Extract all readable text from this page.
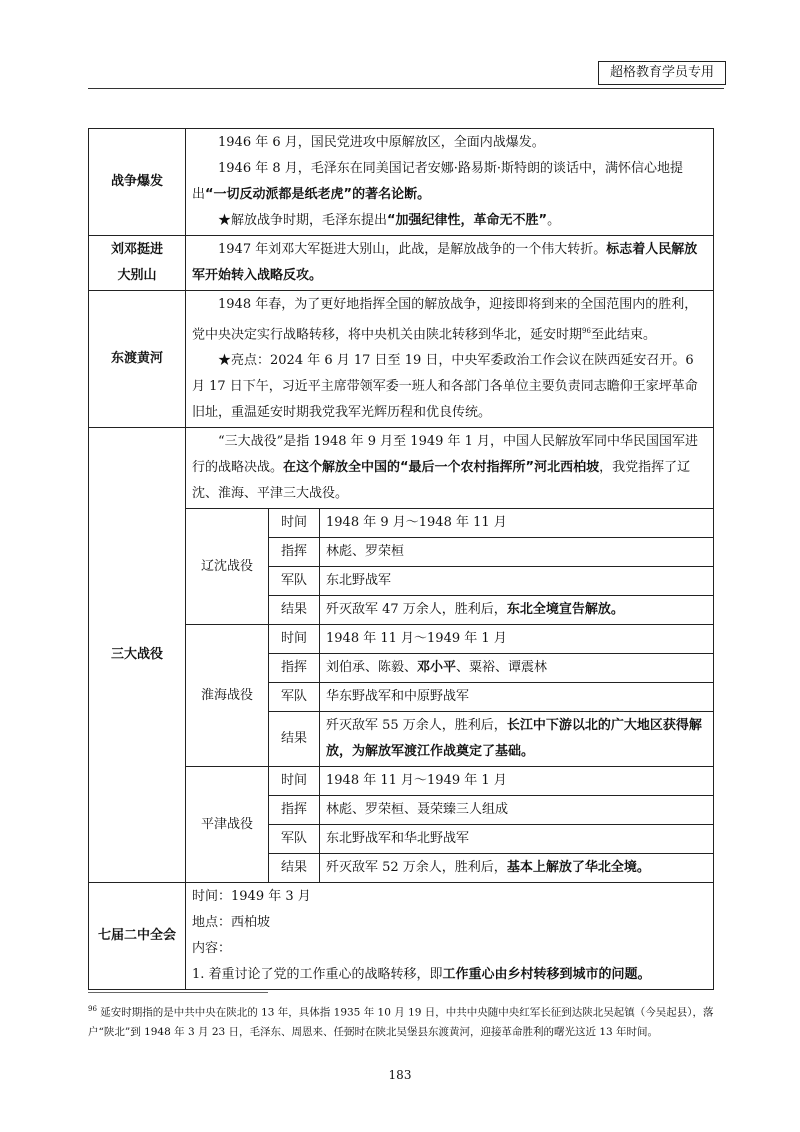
超格教育学员专用
战争爆发	

1946 年 6 月，国民党进攻中原解放区，全面内战爆发。

1946 年 8 月，毛泽东在同美国记者安娜·路易斯·斯特朗的谈话中，满怀信心地提出“一切反动派都是纸老虎”的著名论断。

★解放战争时期，毛泽东提出“加强纪律性，革命无不胜”。

刘邓挺进
大别山

1947 年刘邓大军挺进大别山，此战，是解放战争的一个伟大转折。标志着人民解放军开始转入战略反攻。

东渡黄河	

1948 年春，为了更好地指挥全国的解放战争，迎接即将到来的全国范围内的胜利，党中央决定实行战略转移，将中央机关由陕北转移到华北，延安时期$^{96}$至此结束。

★亮点：2024 年 6 月 17 日至 19 日，中央军委政治工作会议在陕西延安召开。6 月 17 日下午，习近平主席带领军委一班人和各部门各单位主要负责同志瞻仰王家坪革命旧址，重温延安时期我党我军光辉历程和优良传统。

三大战役	

“三大战役”是指 1948 年 9 月至 1949 年 1 月，中国人民解放军同中华民国国军进行的战略决战。在这个解放全中国的“最后一个农村指挥所”河北西柏坡，我党指挥了辽沈、淮海、平津三大战役。

辽沈战役	时间	1948 年 9 月～1948 年 11 月
指挥	林彪、罗荣桓
军队	东北野战军
结果	歼灭敌军 47 万余人，胜利后，东北全境宣告解放。
淮海战役	时间	1948 年 11 月～1949 年 1 月
指挥	刘伯承、陈毅、邓小平、粟裕、谭震林
军队	华东野战军和中原野战军
结果	歼灭敌军 55 万余人，胜利后，长江中下游以北的广大地区获得解放，为解放军渡江作战奠定了基础。
平津战役	时间	1948 年 11 月～1949 年 1 月
指挥	林彪、罗荣桓、聂荣臻三人组成
军队	东北野战军和华北野战军
结果	歼灭敌军 52 万余人，胜利后，基本上解放了华北全境。

七届二中全会	

时间：1949 年 3 月

地点：西柏坡

内容：

1. 着重讨论了党的工作重心的战略转移，即工作重心由乡村转移到城市的问题。

$^{96}$ 延安时期指的是中共中央在陕北的 13 年，具体指 1935 年 10 月 19 日，中共中央随中央红军长征到达陕北吴起镇（今吴起县），落户“陕北”到 1948 年 3 月 23 日，毛泽东、周恩来、任弼时在陕北吴堡县东渡黄河，迎接革命胜利的曙光这近 13 年时间。

183
